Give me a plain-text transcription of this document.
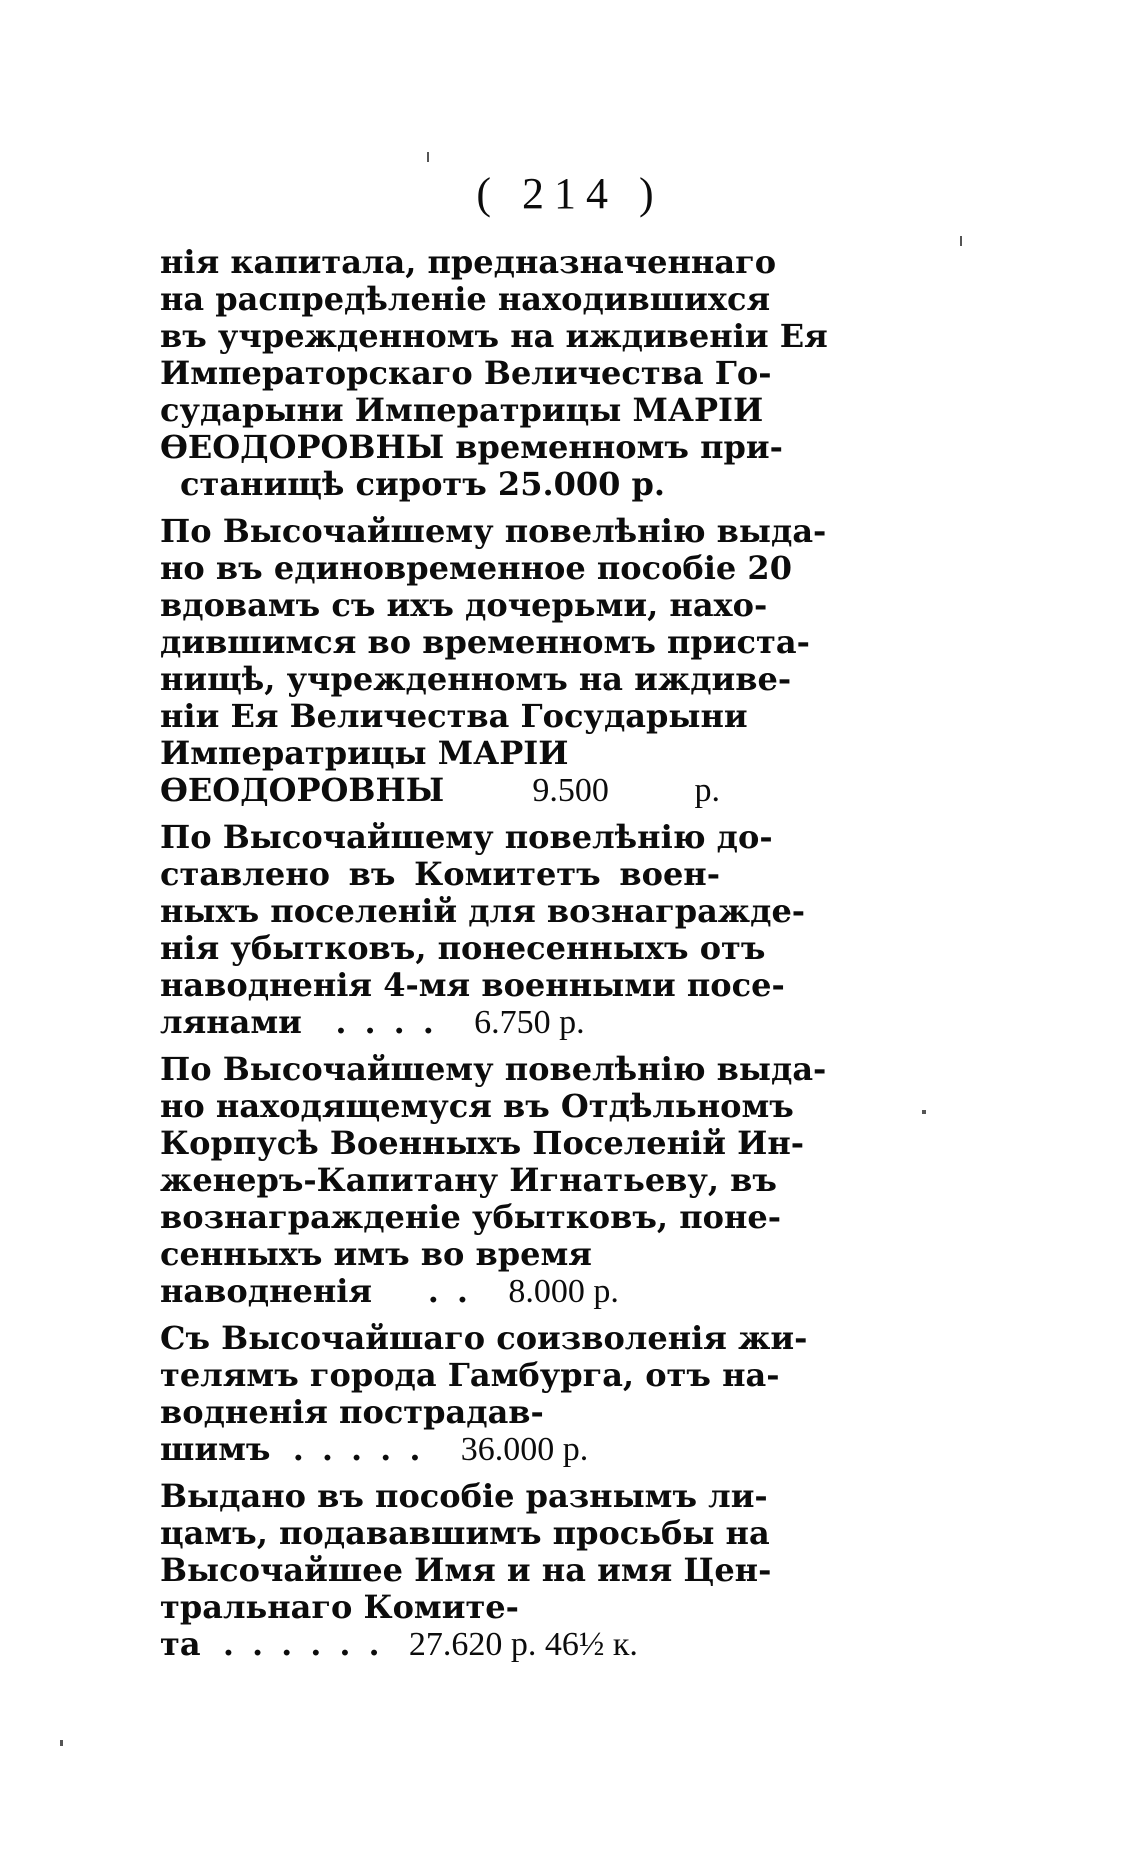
( 214 )
нія капитала, предназначеннаго
на распредѣленіе находившихся
въ учрежденномъ на иждивеніи Ея
Императорскаго Величества Го-
сударыни Императрицы МАРІИ
ѲЕОДОРОВНЫ временномъ при-
станищѣ сиротъ 25.000 р.
По Высочайшему повелѣнію выда-
но въ единовременное пособіе 20
вдовамъ съ ихъ дочерьми, нахо-
дившимся во временномъ приста-
нищѣ, учрежденномъ на иждиве-
ніи Ея Величества Государыни
Императрицы МАРІИ
ѲЕОДОРОВНЫ	9.500 р.
По Высочайшему повелѣнію до-
ставлено въ Комитетъ воен-
ныхъ поселеній для вознагражде-
нія убытковъ, понесенныхъ отъ
наводненія 4-мя военными посе-
лянами .... 6.750 р.
По Высочайшему повелѣнію выда-
но находящемуся въ Отдѣльномъ
Корпусѣ Военныхъ Поселеній Ин-
женеръ-Капитану Игнатьеву, въ
вознагражденіе убытковъ, поне-
сенныхъ имъ во время
наводненія .. 8.000 р.
Съ Высочайшаго соизволенія жи-
телямъ города Гамбурга, отъ на-
водненія пострадав-
шимъ ..... 36.000 р.
Выдано въ пособіе разнымъ ли-
цамъ, подававшимъ просьбы на
Высочайшее Имя и на имя Цен-
тральнаго Комите-
та ...... 27.620 р. 46½ к.
